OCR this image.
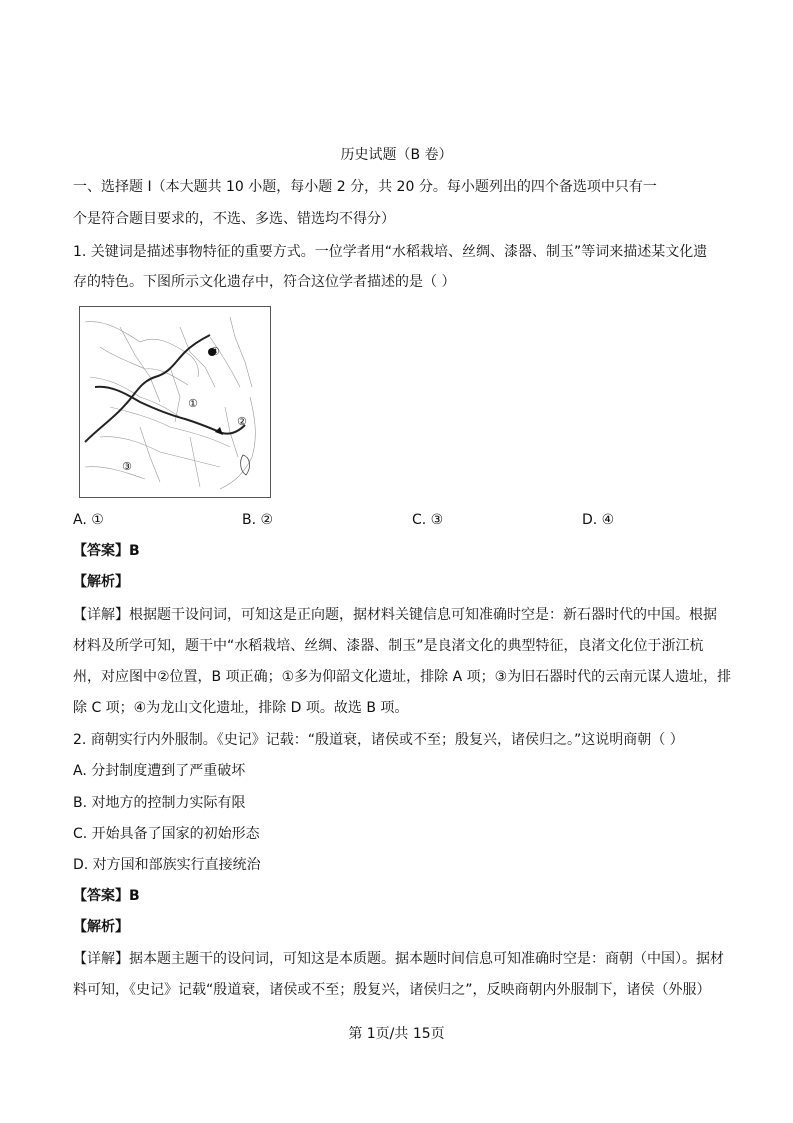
历史试题（B 卷）
一、选择题 I（本大题共 10 小题，每小题 2 分，共 20 分。每小题列出的四个备选项中只有一
个是符合题目要求的，不选、多选、错选均不得分）
1. 关键词是描述事物特征的重要方式。一位学者用“水稻栽培、丝绸、漆器、制玉”等词来描述某文化遗
存的特色。下图所示文化遗存中，符合这位学者描述的是（ ）
①
②
③
④
A. ①	B. ②	C. ③	D. ④
【答案】B
【解析】
【详解】根据题干设问词，可知这是正向题，据材料关键信息可知准确时空是：新石器时代的中国。根据
材料及所学可知，题干中“水稻栽培、丝绸、漆器、制玉”是良渚文化的典型特征，良渚文化位于浙江杭
州，对应图中②位置，B 项正确；①多为仰韶文化遗址，排除 A 项；③为旧石器时代的云南元谋人遗址，排
除 C 项；④为龙山文化遗址，排除 D 项。故选 B 项。
2. 商朝实行内外服制。《史记》记载：“殷道衰，诸侯或不至；殷复兴，诸侯归之。”这说明商朝（ ）
A. 分封制度遭到了严重破坏
B. 对地方的控制力实际有限
C. 开始具备了国家的初始形态
D. 对方国和部族实行直接统治
【答案】B
【解析】
【详解】据本题主题干的设问词，可知这是本质题。据本题时间信息可知准确时空是：商朝（中国）。据材
料可知，《史记》记载“殷道衰，诸侯或不至；殷复兴，诸侯归之”，反映商朝内外服制下，诸侯（外服）
第 1页/共 15页
